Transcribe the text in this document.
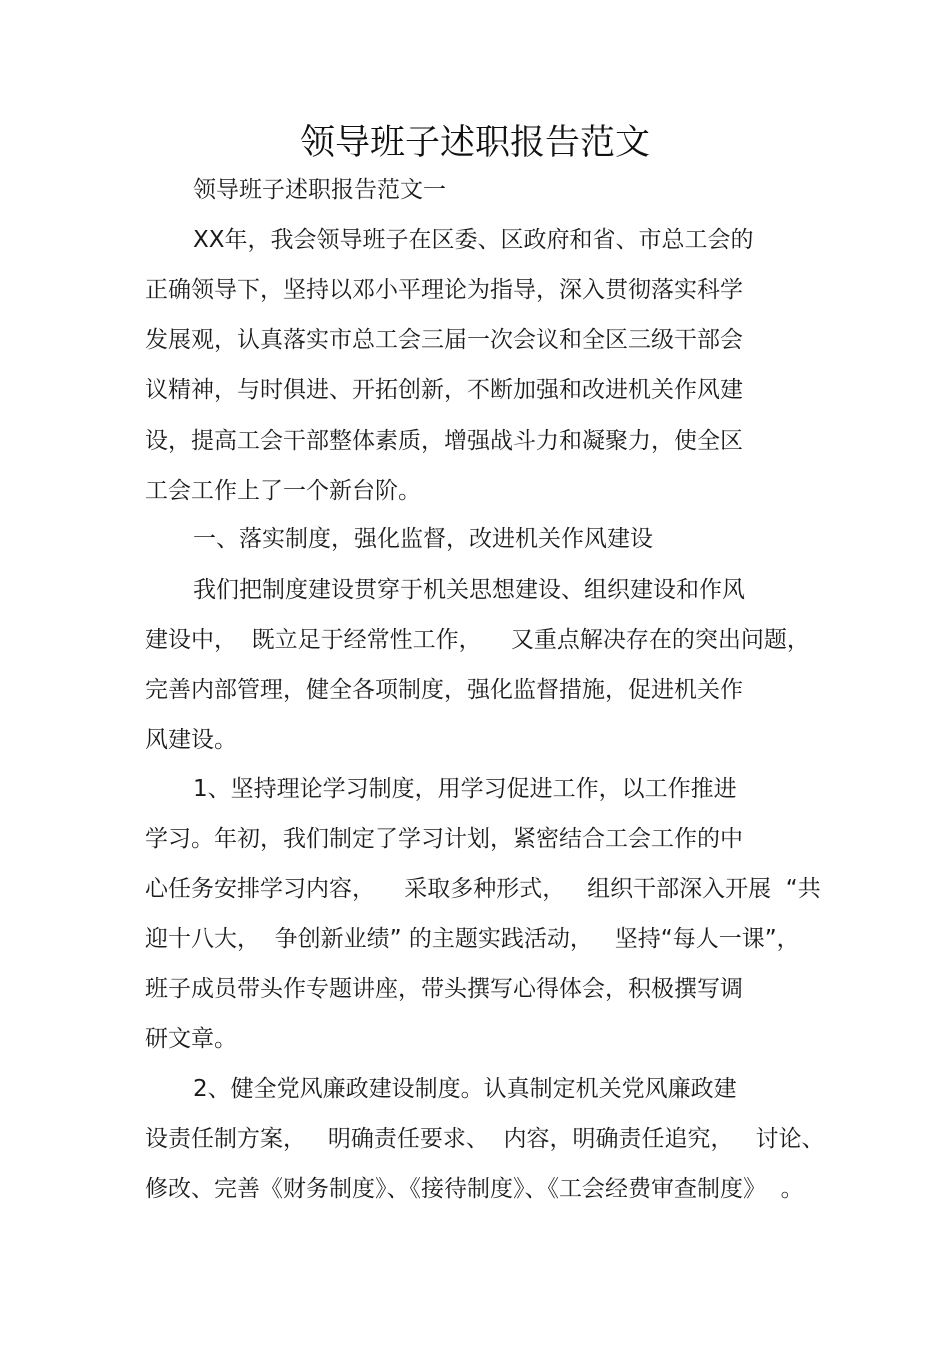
领导班子述职报告范文
领导班子述职报告范文一
XX年，我会领导班子在区委、区政府和省、市总工会的
正确领导下，坚持以邓小平理论为指导，深入贯彻落实科学
发展观，认真落实市总工会三届一次会议和全区三级干部会
议精神，与时俱进、开拓创新，不断加强和改进机关作风建
设，提高工会干部整体素质，增强战斗力和凝聚力，使全区
工会工作上了一个新台阶。
一、落实制度，强化监督，改进机关作风建设
我们把制度建设贯穿于机关思想建设、组织建设和作风
建设中，  既立足于经常性工作，    又重点解决存在的突出问题，
完善内部管理，健全各项制度，强化监督措施，促进机关作
风建设。
1、坚持理论学习制度，用学习促进工作，以工作推进
学习。年初，我们制定了学习计划，紧密结合工会工作的中
心任务安排学习内容，    采取多种形式，   组织干部深入开展  “共
迎十八大，  争创新业绩” 的主题实践活动，   坚持“每人一课”，
班子成员带头作专题讲座，带头撰写心得体会，积极撰写调
研文章。
2、健全党风廉政建设制度。认真制定机关党风廉政建
设责任制方案，   明确责任要求、  内容，明确责任追究，   讨论、
修改、完善《财务制度》、《接待制度》、《工会经费审查制度》  。
